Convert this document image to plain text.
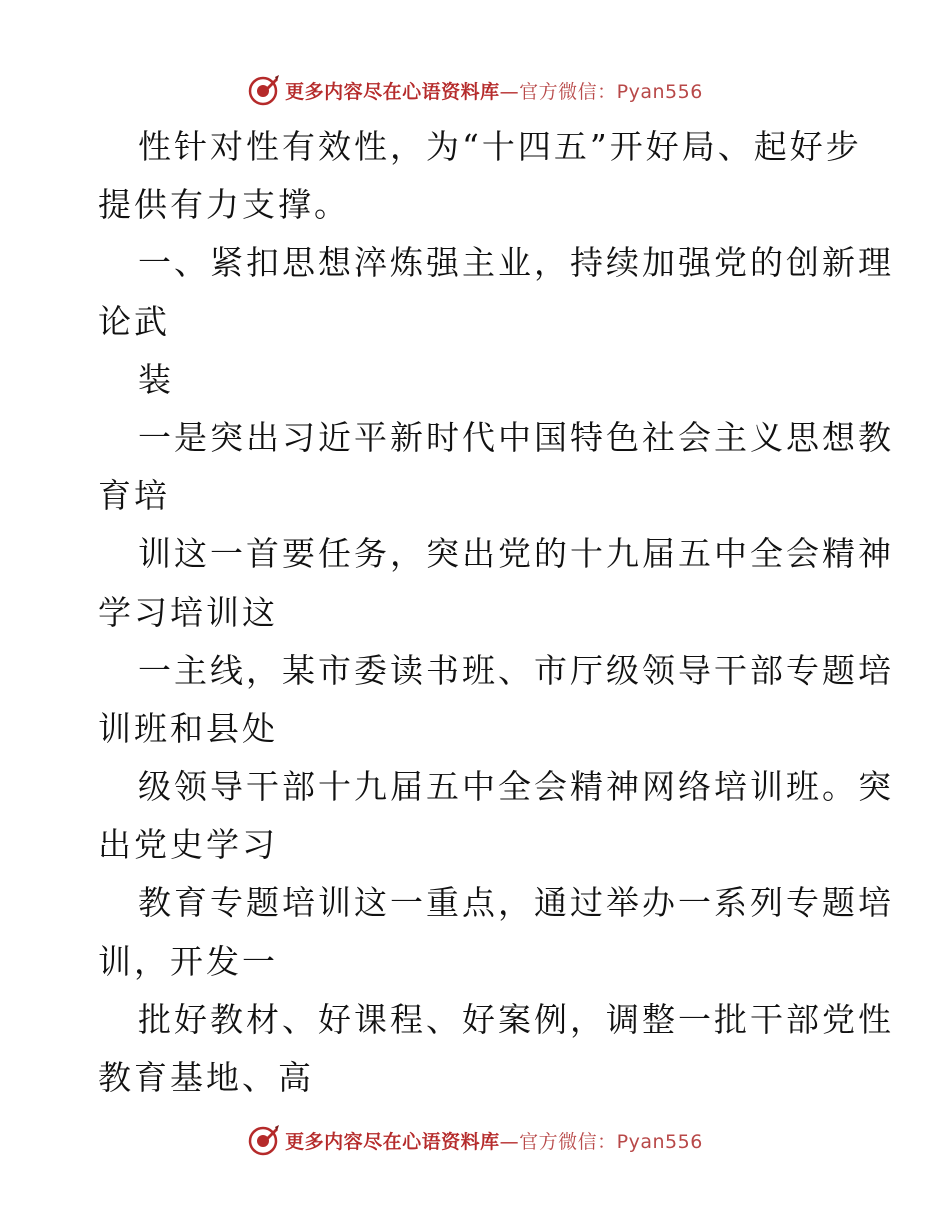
更多内容尽在心语资料库—官方微信：Pyan556
性针对性有效性，为“十四五”开好局、起好步
提供有力支撑。
一、紧扣思想淬炼强主业，持续加强党的创新理
论武
装
一是突出习近平新时代中国特色社会主义思想教
育培
训这一首要任务，突出党的十九届五中全会精神
学习培训这
一主线，某市委读书班、市厅级领导干部专题培
训班和县处
级领导干部十九届五中全会精神网络培训班。突
出党史学习
教育专题培训这一重点，通过举办一系列专题培
训，开发一
批好教材、好课程、好案例，调整一批干部党性
教育基地、高
更多内容尽在心语资料库—官方微信：Pyan556
